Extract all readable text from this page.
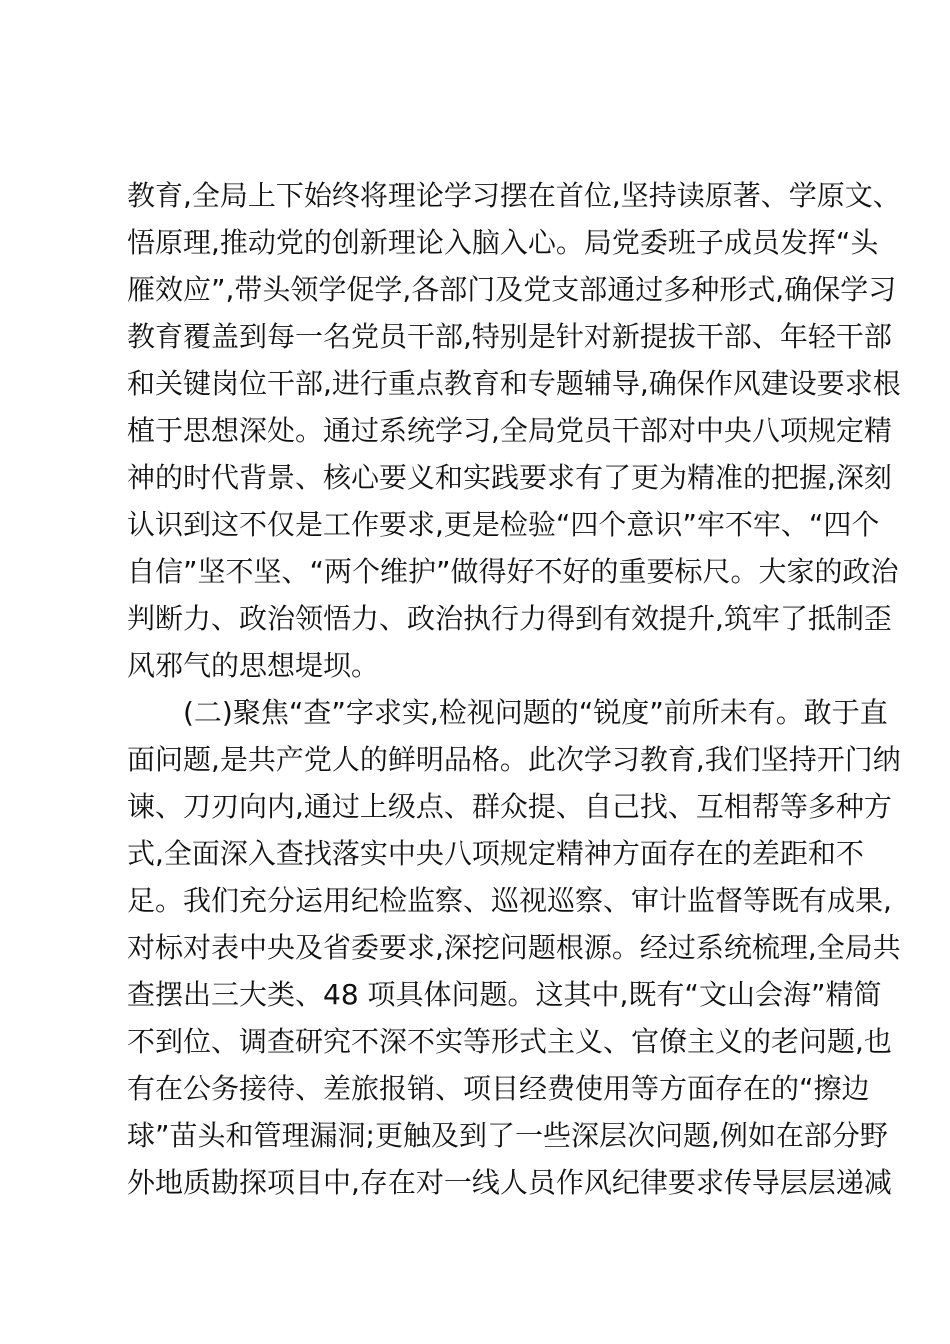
教育,全局上下始终将理论学习摆在首位,坚持读原著、学原文、
悟原理,推动党的创新理论入脑入心。局党委班子成员发挥“头
雁效应”,带头领学促学,各部门及党支部通过多种形式,确保学习
教育覆盖到每一名党员干部,特别是针对新提拔干部、年轻干部
和关键岗位干部,进行重点教育和专题辅导,确保作风建设要求根
植于思想深处。通过系统学习,全局党员干部对中央八项规定精
神的时代背景、核心要义和实践要求有了更为精准的把握,深刻
认识到这不仅是工作要求,更是检验“四个意识”牢不牢、“四个
自信”坚不坚、“两个维护”做得好不好的重要标尺。大家的政治
判断力、政治领悟力、政治执行力得到有效提升,筑牢了抵制歪
风邪气的思想堤坝。
(二)聚焦“查”字求实,检视问题的“锐度”前所未有。敢于直
面问题,是共产党人的鲜明品格。此次学习教育,我们坚持开门纳
谏、刀刃向内,通过上级点、群众提、自己找、互相帮等多种方
式,全面深入查找落实中央八项规定精神方面存在的差距和不
足。我们充分运用纪检监察、巡视巡察、审计监督等既有成果,
对标对表中央及省委要求,深挖问题根源。经过系统梳理,全局共
查摆出三大类、48 项具体问题。这其中,既有“文山会海”精简
不到位、调查研究不深不实等形式主义、官僚主义的老问题,也
有在公务接待、差旅报销、项目经费使用等方面存在的“擦边
球”苗头和管理漏洞;更触及到了一些深层次问题,例如在部分野
外地质勘探项目中,存在对一线人员作风纪律要求传导层层递减
